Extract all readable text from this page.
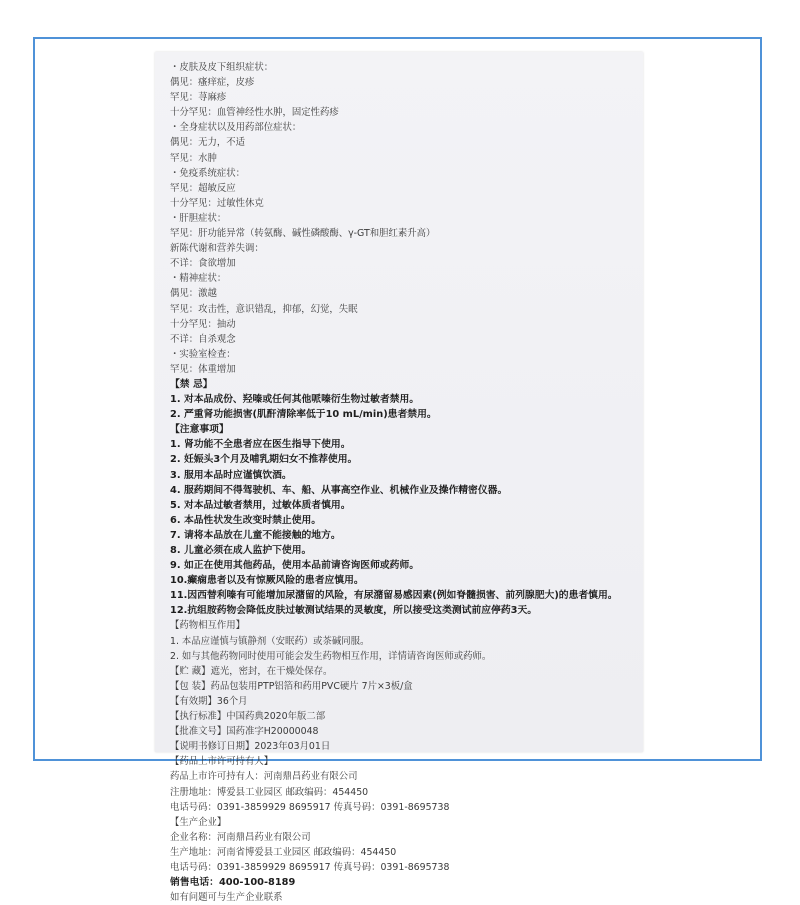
・皮肤及皮下组织症状：
偶见：瘙痒症，皮疹
罕见：荨麻疹
十分罕见：血管神经性水肿，固定性药疹
・全身症状以及用药部位症状：
偶见：无力，不适
罕见：水肿
・免疫系统症状：
罕见：超敏反应
十分罕见：过敏性休克
・肝胆症状：
罕见：肝功能异常（转氨酶、碱性磷酸酶、γ-GT和胆红素升高）
新陈代谢和营养失调：
不详：食欲增加
・精神症状：
偶见：激越
罕见：攻击性，意识错乱，抑郁，幻觉，失眠
十分罕见：抽动
不详：自杀观念
・实验室检查：
罕见：体重增加
【禁 忌】
1. 对本品成份、羟嗪或任何其他哌嗪衍生物过敏者禁用。
2. 严重肾功能损害(肌酐清除率低于10 mL/min)患者禁用。
【注意事项】
1. 肾功能不全患者应在医生指导下使用。
2. 妊娠头3个月及哺乳期妇女不推荐使用。
3. 服用本品时应谨慎饮酒。
4. 服药期间不得驾驶机、车、船、从事高空作业、机械作业及操作精密仪器。
5. 对本品过敏者禁用，过敏体质者慎用。
6. 本品性状发生改变时禁止使用。
7. 请将本品放在儿童不能接触的地方。
8. 儿童必须在成人监护下使用。
9. 如正在使用其他药品，使用本品前请咨询医师或药师。
10.癫痫患者以及有惊厥风险的患者应慎用。
11.因西替利嗪有可能增加尿潴留的风险，有尿潴留易感因素(例如脊髓损害、前列腺肥大)的患者慎用。
12.抗组胺药物会降低皮肤过敏测试结果的灵敏度，所以接受这类测试前应停药3天。
【药物相互作用】
1. 本品应谨慎与镇静剂（安眠药）或茶碱同服。
2. 如与其他药物同时使用可能会发生药物相互作用，详情请咨询医师或药师。
【贮 藏】遮光，密封，在干燥处保存。
【包 装】药品包装用PTP铝箔和药用PVC硬片 7片×3板/盒
【有效期】36个月
【执行标准】中国药典2020年版二部
【批准文号】国药准字H20000048
【说明书修订日期】2023年03月01日
【药品上市许可持有人】
药品上市许可持有人：河南鼎昌药业有限公司
注册地址：博爱县工业园区 邮政编码：454450
电话号码：0391-3859929 8695917 传真号码：0391-8695738
【生产企业】
企业名称：河南鼎昌药业有限公司
生产地址：河南省博爱县工业园区 邮政编码：454450
电话号码：0391-3859929 8695917 传真号码：0391-8695738
销售电话：400-100-8189
如有问题可与生产企业联系
